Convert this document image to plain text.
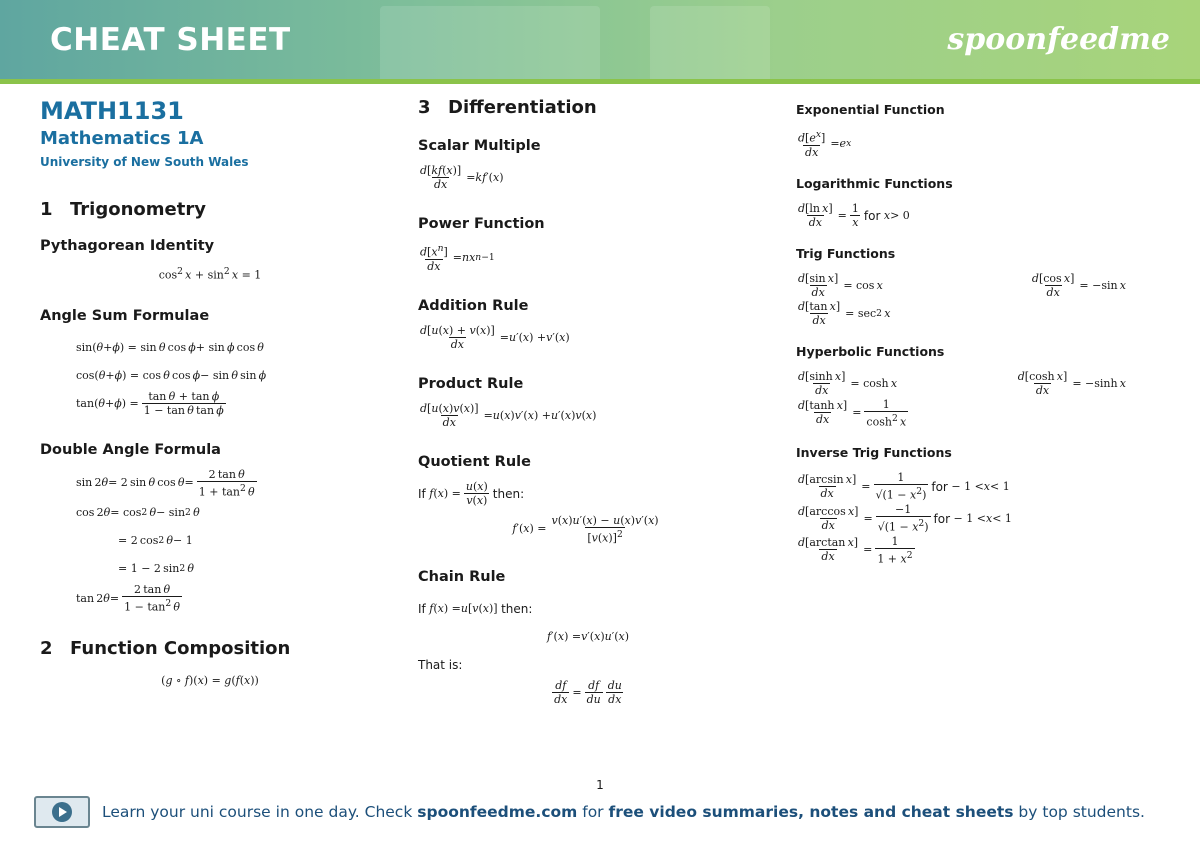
CHEAT SHEET	spoonfeedme
MATH1131
Mathematics 1A
University of New South Wales
1 Trigonometry
Pythagorean Identity
$\cos^2 x + \sin^2 x = 1$
Angle Sum Formulae
sin( θ + ϕ ) = sin  θ  cos  ϕ + sin  ϕ  cos  θ
cos( θ + ϕ ) = cos  θ  cos  ϕ − sin  θ  sin  ϕ
tan( θ + ϕ ) = $\frac{\text{tan θ + tan ϕ}}{\text{1 − tan θ tan ϕ}}$
Double Angle Formula
sin 2 θ = 2 sin  θ  $\cos \theta = \frac{\text{2 tan θ}}{1 + \tan^2 \theta}$
cos 2 θ = cos 2
  θ − sin 2
  θ
= 2 cos 2
  θ − 1
= 1 − 2 sin 2
  θ
tan 2 $\theta = \frac{\text{2 tan θ}}{1 - \tan^2 \theta}$
2 Function Composition
(g ∘ f)(x) = g(f(x))
3 Differentiation
Scalar Multiple
$\frac{d[kf(x)]}{dx}$ = kf ′( x )
Power Function
$\frac{d[x^n]}{dx}$ = nx n−1
Addition Rule
$\frac{d[u(x) + v(x)]}{dx} = u$ ′( x ) + v ′( x )
Product Rule
$\frac{d[u(x)v(x)]}{dx} = u$ ( x ) v ′( x ) + u ′( x ) v ( x )
Quotient Rule
If
f ( x ) = $\frac{u(x)}{v(x)}$ then:
f ′( x ) = $\frac{v(x)u'(x) - u(x)v'(x)}{[v(x)]^2}$
Chain Rule
If
f ( x ) = u [ v ( x )] then:
f ′( x ) = v ′( x ) u ′( x )
That is:
$\frac{df}{dx} = \frac{df}{du} \frac{du}{dx}$
Exponential Function
$\frac{d[e^x]}{dx} = e$ x
Logarithmic Functions
$\frac{\text{d[ln x]}}{dx} = \frac{1}{x}$ for
x > 0
Trig Functions
$\frac{\text{d[sin x]}}{dx} = \cos x$	$\frac{\text{d[cos x]}}{dx} = -\sin$  x
$\frac{\text{d[tan x]}}{dx} = \sec 2$
  x
Hyperbolic Functions
$\frac{\text{d[sinh x]}}{dx} = \cosh x$	$\frac{\text{d[cosh x]}}{dx} = -\sinh$  x
$\frac{\text{d[tanh x]}}{dx} = \frac{1}{\cosh^2 x}$
Inverse Trig Functions
$\frac{\text{d[arcsin x]}}{dx} = \frac{1}{√(1 - x^2)}$ for − 1 < x < 1
$\frac{\text{d[arccos x]}}{dx} = \frac{-1}{√(1 - x^2)}$ for − 1 < x < 1
$\frac{\text{d[arctan x]}}{dx} = \frac{1}{1 + x^2}$
1
Learn your uni course in one day. Check spoonfeedme.com for free video summaries, notes and cheat sheets by top students.
